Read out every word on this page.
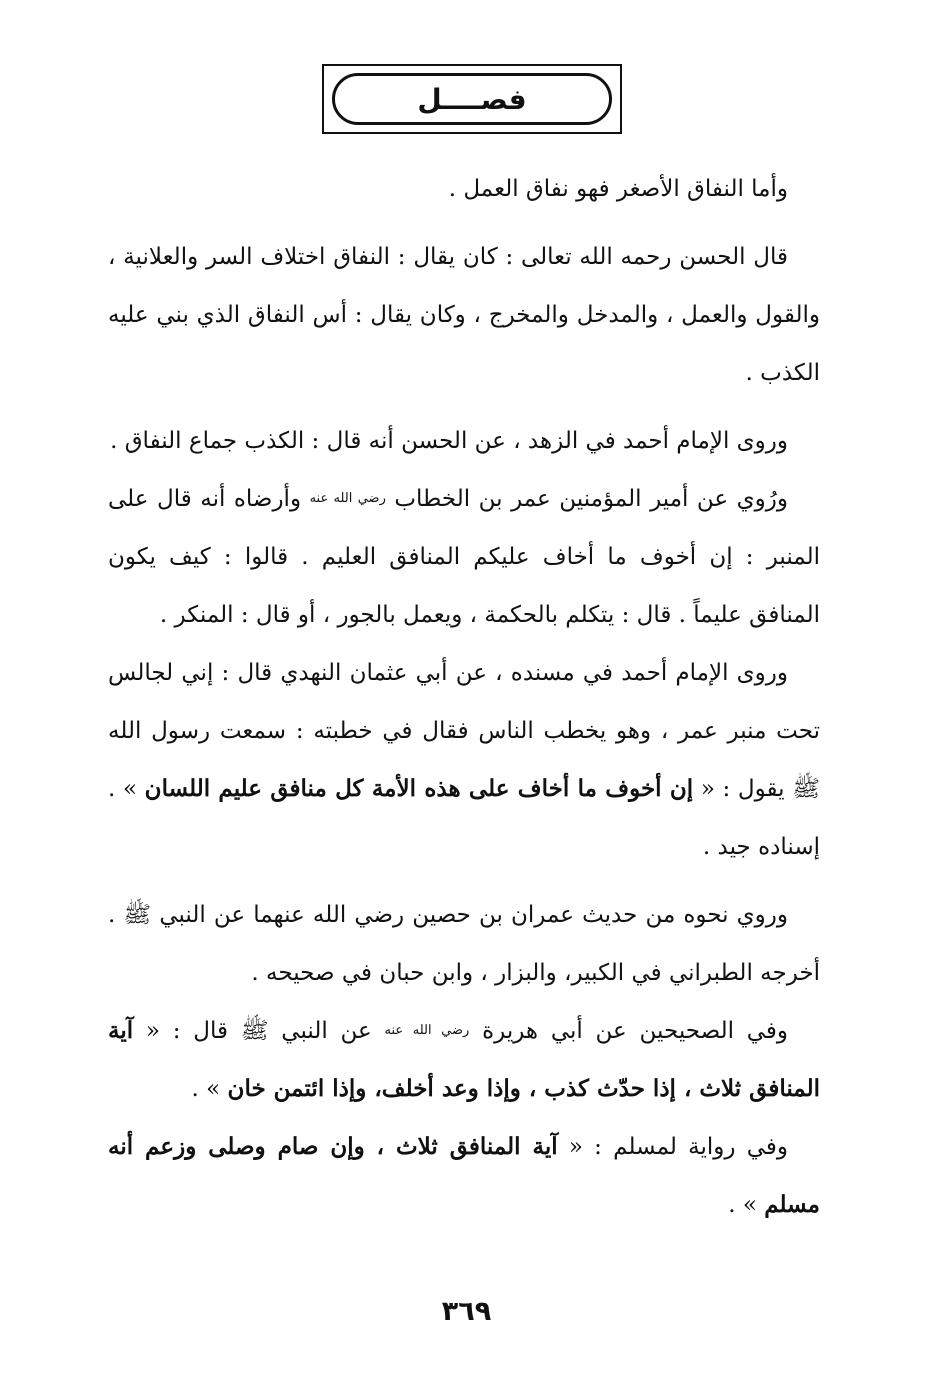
فصــــل

وأما النفاق الأصغر فهو نفاق العمل .

قال الحسن رحمه الله تعالى : كان يقال : النفاق اختلاف السر والعلانية ، والقول والعمل ، والمدخل والمخرج ، وكان يقال : أس النفاق الذي بني عليه الكذب .

وروى الإمام أحمد في الزهد ، عن الحسن أنه قال : الكذب جماع النفاق .

ورُوي عن أمير المؤمنين عمر بن الخطاب رضي الله عنه وأرضاه أنه قال على المنبر : إن أخوف ما أخاف عليكم المنافق العليم . قالوا : كيف يكون المنافق عليماً . قال : يتكلم بالحكمة ، ويعمل بالجور ، أو قال : المنكر .

وروى الإمام أحمد في مسنده ، عن أبي عثمان النهدي قال : إني لجالس تحت منبر عمر ، وهو يخطب الناس فقال في خطبته : سمعت رسول الله ﷺ يقول : « إن أخوف ما أخاف على هذه الأمة كل منافق عليم اللسان » . إسناده جيد .

وروي نحوه من حديث عمران بن حصين رضي الله عنهما عن النبي ﷺ . أخرجه الطبراني في الكبير، والبزار ، وابن حبان في صحيحه .

وفي الصحيحين عن أبي هريرة رضي الله عنه عن النبي ﷺ قال : « آية المنافق ثلاث ، إذا حدّث كذب ، وإذا وعد أخلف، وإذا ائتمن خان » .

وفي رواية لمسلم : « آية المنافق ثلاث ، وإن صام وصلى وزعم أنه مسلم » .

٣٦٩
